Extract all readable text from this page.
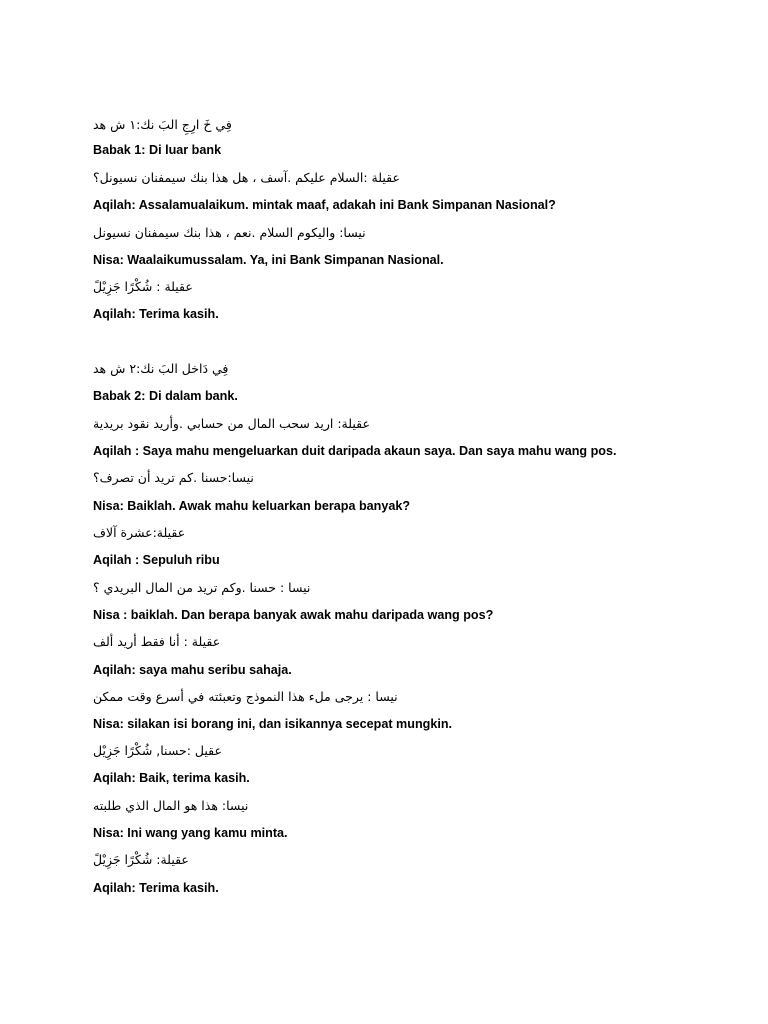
فِي خَ ارِجِ البَ نك:١ ش هد
Babak 1: Di luar bank
عقيلة :السلام عليكم .آسف ، هل هذا بنك سيمفنان نسيونل؟
Aqilah: Assalamualaikum. mintak maaf, adakah ini Bank Simpanan Nasional?
نيسا: واليكوم السلام .نعم ، هذا بنك سيمفنان نسيونل
Nisa: Waalaikumussalam. Ya, ini Bank Simpanan Nasional.
عقيلة : شُكْرًا جَزِيْلً
Aqilah: Terima kasih.
فِي دَاخل البَ نك:٢ ش هد
Babak 2: Di dalam bank.
عقيلة: اريد سحب المال من حسابي .وأريد نقود بريدية
Aqilah : Saya mahu mengeluarkan duit daripada akaun saya. Dan saya mahu wang pos.
نيسا:حسنا .كم تريد أن تصرف؟
Nisa: Baiklah. Awak mahu keluarkan berapa banyak?
عقيلة:عشرة آلاف
Aqilah : Sepuluh ribu
نيسا : حسنا .وكم تريد من المال البريدي ؟
Nisa : baiklah. Dan berapa banyak awak mahu daripada wang pos?
عقيلة : أنا فقط أريد ألف
Aqilah: saya mahu seribu sahaja.
نيسا : يرجى ملء هذا النموذج وتعبئته في أسرع وقت ممكن
Nisa: silakan isi borang ini, dan isikannya secepat mungkin.
عقيل :حسنا, شُكْرًا جَزِيْل
Aqilah: Baik, terima kasih.
نيسا: هذا هو المال الذي طلبته
Nisa: Ini wang yang kamu minta.
عقيلة: شُكْرًا جَزِيْلً
Aqilah: Terima kasih.
